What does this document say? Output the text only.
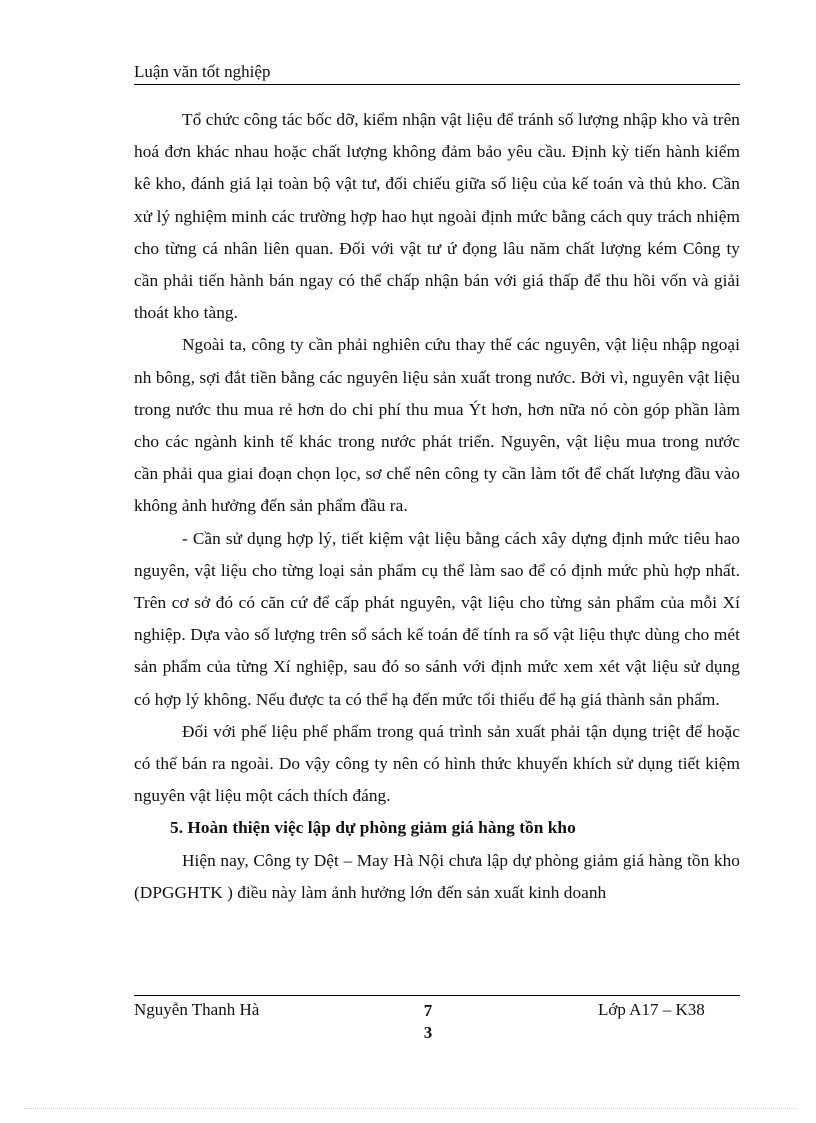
Luận văn tốt nghiệp

Tổ chức công tác bốc dỡ, kiểm nhận vật liệu để tránh số lượng nhập kho và trên hoá đơn khác nhau hoặc chất lượng không đảm bảo yêu cầu. Định kỳ tiến hành kiểm kê kho, đánh giá lại toàn bộ vật tư, đối chiếu giữa số liệu của kế toán và thủ kho. Cần xử lý nghiệm minh các trường hợp hao hụt ngoài định mức bằng cách quy trách nhiệm cho từng cá nhân liên quan. Đối với vật tư ứ đọng lâu năm chất lượng kém Công ty cần phải tiến hành bán ngay có thể chấp nhận bán với giá thấp để thu hồi vốn và giải thoát kho tàng.

Ngoài ta, công ty cần phải nghiên cứu thay thế các nguyên, vật liệu nhập ngoại nh bông, sợi đắt tiền bằng các nguyên liệu sản xuất trong nước. Bởi vì, nguyên vật liệu trong nước thu mua rẻ hơn do chi phí thu mua Ýt hơn, hơn nữa nó còn góp phần làm cho các ngành kinh tế khác trong nước phát triển. Nguyên, vật liệu mua trong nước cần phải qua giai đoạn chọn lọc, sơ chế nên công ty cần làm tốt để chất lượng đầu vào không ảnh hưởng đến sản phẩm đầu ra.

- Cần sử dụng hợp lý, tiết kiệm vật liệu bằng cách xây dựng định mức tiêu hao nguyên, vật liệu cho từng loại sản phẩm cụ thể làm sao để có định mức phù hợp nhất. Trên cơ sở đó có căn cứ để cấp phát nguyên, vật liệu cho từng sản phẩm của mỗi Xí nghiệp. Dựa vào số lượng trên sổ sách kế toán để tính ra số vật liệu thực dùng cho mét sản phẩm của từng Xí nghiệp, sau đó so sánh với định mức xem xét vật liệu sử dụng có hợp lý không. Nếu được ta có thể hạ đến mức tối thiểu để hạ giá thành sản phẩm.

Đối với phế liệu phế phẩm trong quá trình sản xuất phải tận dụng triệt để hoặc có thể bán ra ngoài. Do vậy công ty nên có hình thức khuyến khích sử dụng tiết kiệm nguyên vật liệu một cách thích đáng.

5. Hoàn thiện việc lập dự phòng giảm giá hàng tồn kho

Hiện nay, Công ty Dệt – May Hà Nội chưa lập dự phòng giảm giá hàng tồn kho (DPGGHTK ) điều này làm ảnh hưởng lớn đến sản xuất kinh doanh

Nguyễn Thanh Hà	7
3
Lớp A17 – K38
